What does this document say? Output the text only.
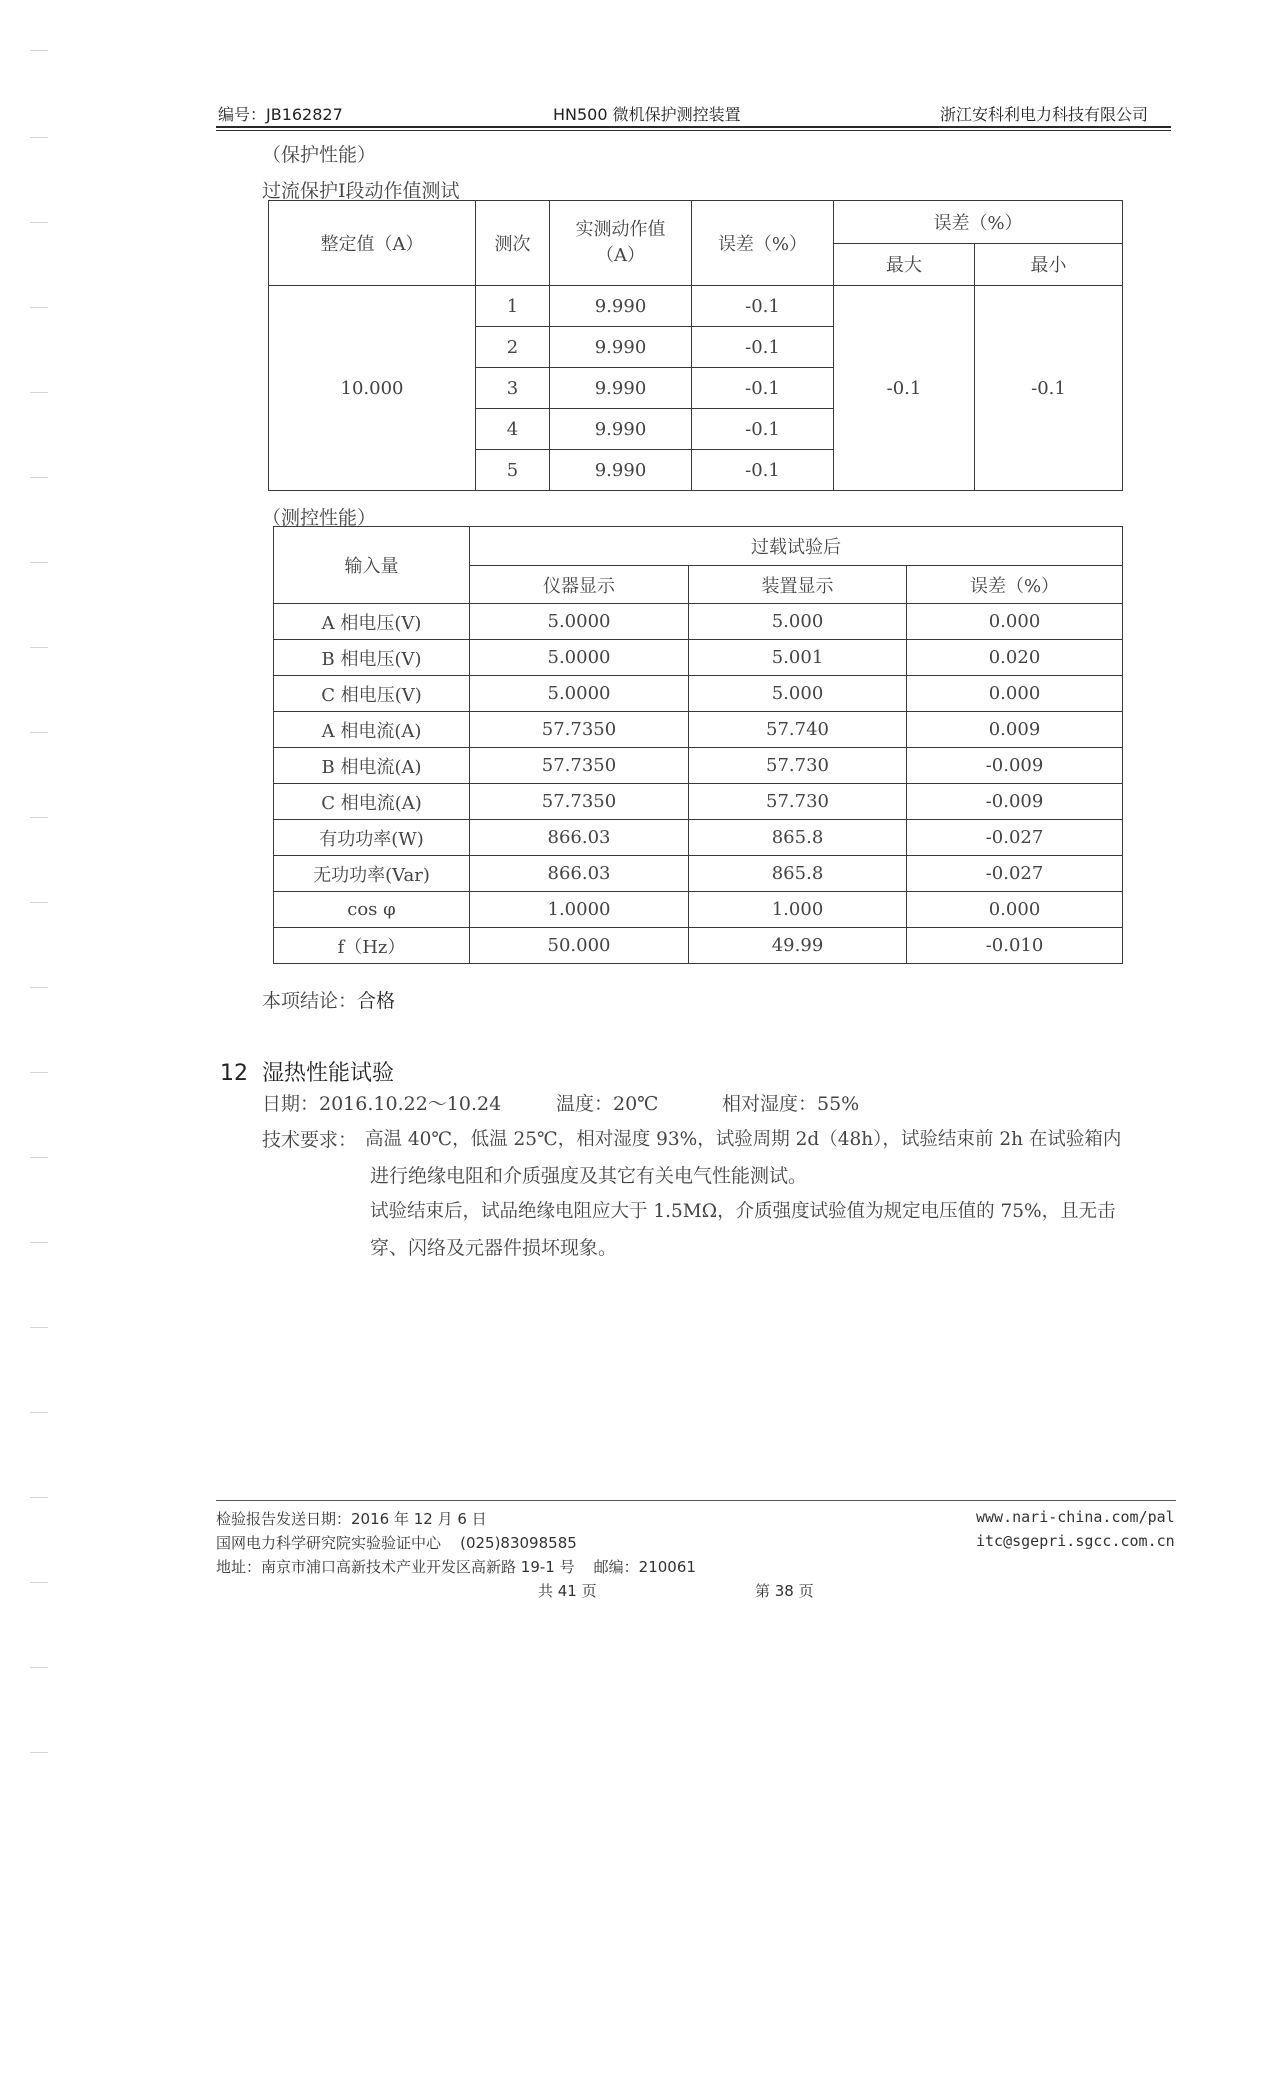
编号：JB162827	HN500 微机保护测控装置	浙江安科利电力科技有限公司
（保护性能）
过流保护Ⅰ段动作值测试
整定值（A）	测次	实测动作值（A）	误差（%）	误差（%）	
				最大	最小
10.000	1	9.990	-0.1	-0.1	-0.1
	2	9.990	-0.1		
	3	9.990	-0.1		
	4	9.990	-0.1		
	5	9.990	-0.1		
（测控性能）
输入量	过载试验后		
	仪器显示	装置显示	误差（%）
A 相电压(V)	5.0000	5.000	0.000
B 相电压(V)	5.0000	5.001	0.020
C 相电压(V)	5.0000	5.000	0.000
A 相电流(A)	57.7350	57.740	0.009
B 相电流(A)	57.7350	57.730	-0.009
C 相电流(A)	57.7350	57.730	-0.009
有功功率(W)	866.03	865.8	-0.027
无功功率(Var)	866.03	865.8	-0.027
cos φ	1.0000	1.000	0.000
f（Hz）	50.000	49.99	-0.010
本项结论：合格
12 湿热性能试验
日期：2016.10.22～10.24	温度：20℃	相对湿度：55%
技术要求： 高温 40℃，低温 25℃，相对湿度 93%，试验周期 2d（48h），试验结束前 2h 在试验箱内
进行绝缘电阻和介质强度及其它有关电气性能测试。
试验结束后，试品绝缘电阻应大于 1.5MΩ，介质强度试验值为规定电压值的 75%，且无击
穿、闪络及元器件损坏现象。
检验报告发送日期：2016 年 12 月 6 日
国网电力科学研究院实验验证中心 (025)83098585
地址：南京市浦口高新技术产业开发区高新路 19-1 号 邮编：210061
www.nari-china.com/pal
itc@sgepri.sgcc.com.cn
共 41 页	第 38 页
